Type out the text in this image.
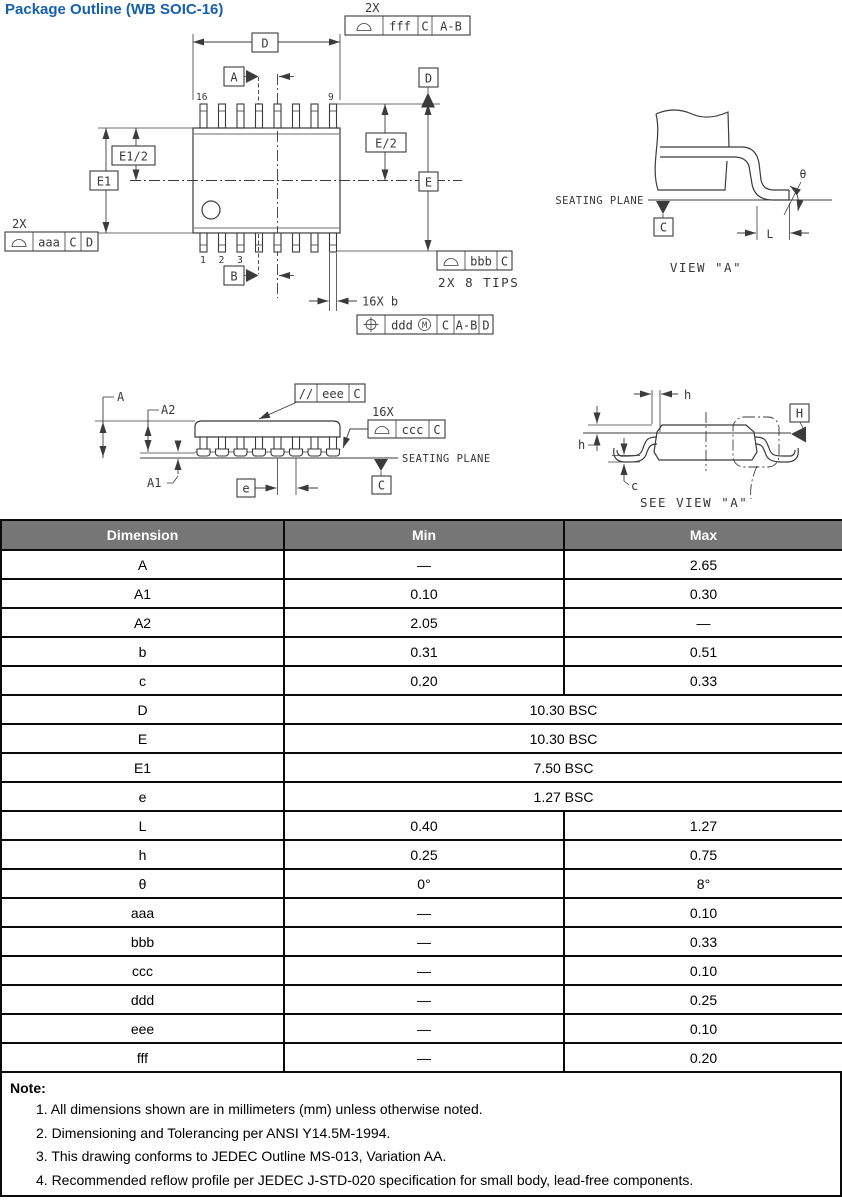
Package Outline (WB SOIC-16)
D
2X
fff C A-B
A
16	9
1 2 3
B
E1
E1/2
2X
aaa C D
E/2
E
D
bbb C
2X 8 TIPS
16X b
ddd M C A-B D
SEATING PLANE
C	L
θ
VIEW "A"
SEATING PLANE
A
A2
A1	e
// eee C
16X
ccc C
C
h
h
c
H
SEE VIEW "A"
Dimension	Min	Max
A	—	2.65
A1	0.10	0.30
A2	2.05	—
b	0.31	0.51
c	0.20	0.33
D	10.30 BSC	
E	10.30 BSC	
E1	7.50 BSC	
e	1.27 BSC	
L	0.40	1.27
h	0.25	0.75
θ	0°	8°
aaa	—	0.10
bbb	—	0.33
ccc	—	0.10
ddd	—	0.25
eee	—	0.10
fff	—	0.20
Note:
1. All dimensions shown are in millimeters (mm) unless otherwise noted.
2. Dimensioning and Tolerancing per ANSI Y14.5M-1994.
3. This drawing conforms to JEDEC Outline MS-013, Variation AA.
4. Recommended reflow profile per JEDEC J-STD-020 specification for small body, lead-free components.
